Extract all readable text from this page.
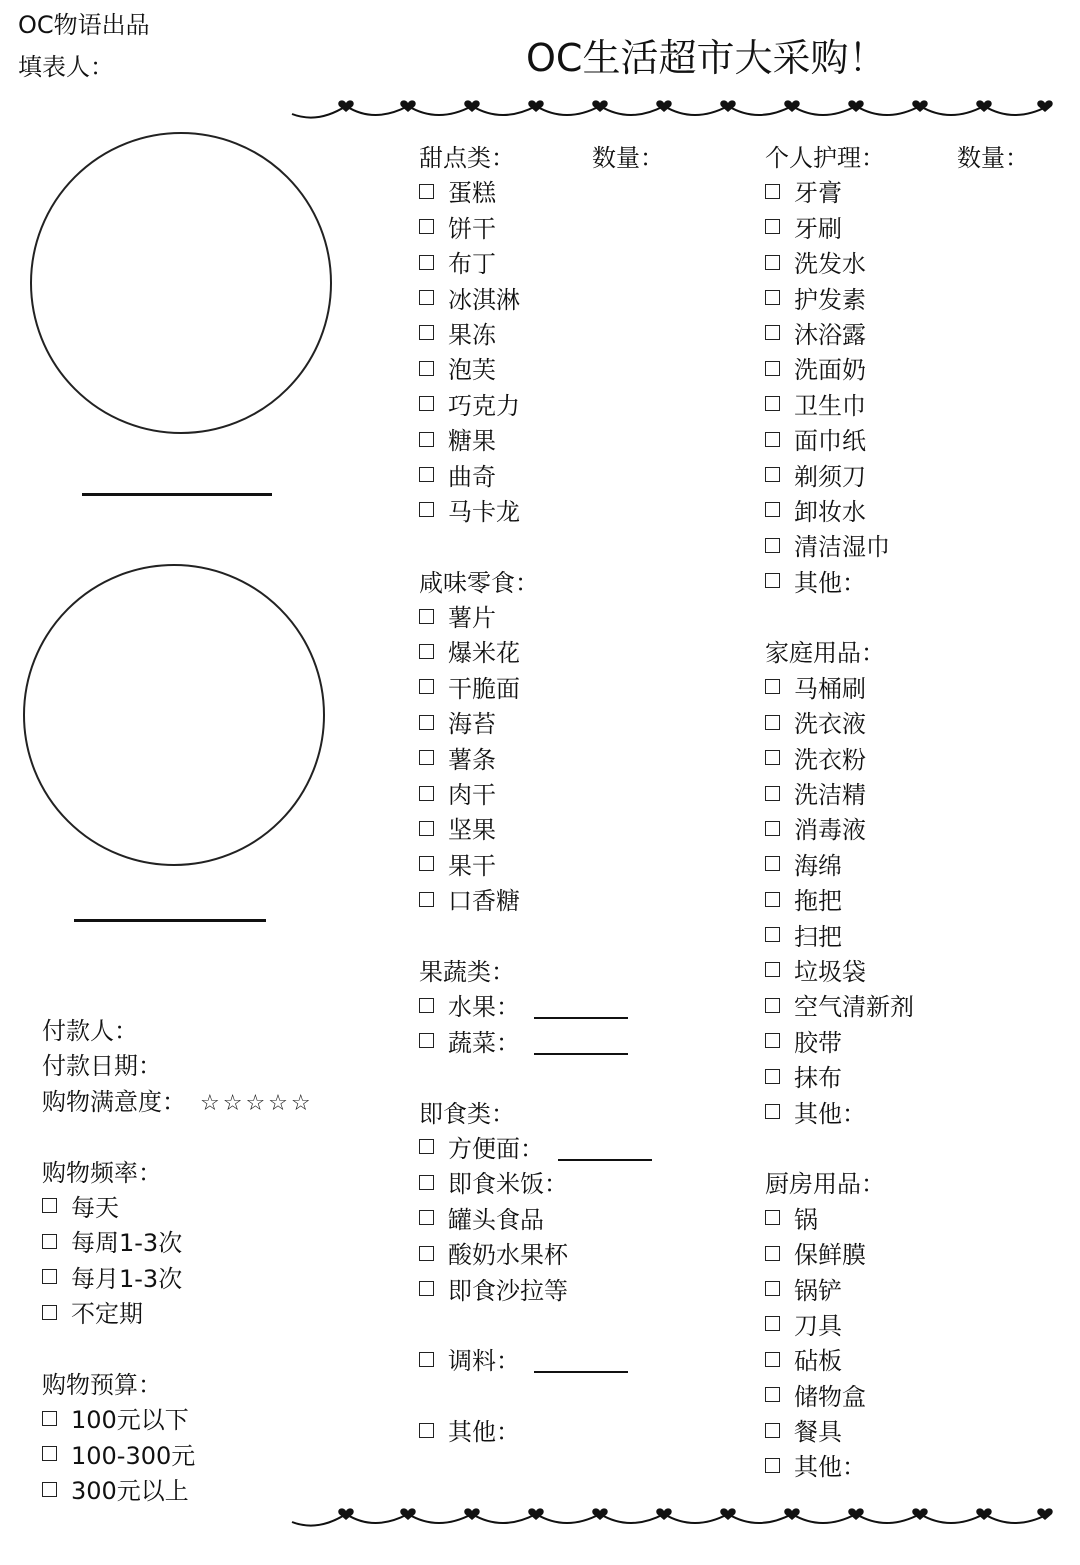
OC物语出品
填表人：	OC生活超市大采购！
付款人：
付款日期：
购物满意度： ☆☆☆☆☆
购物频率：
每天
每周1-3次
每月1-3次
不定期
购物预算：
100元以下
100-300元
300元以上
甜点类：	数量：
蛋糕
饼干
布丁
冰淇淋
果冻
泡芙
巧克力
糖果
曲奇
马卡龙
咸味零食：
薯片
爆米花
干脆面
海苔
薯条
肉干
坚果
果干
口香糖
果蔬类：
水果：
蔬菜：
即食类：
方便面：
即食米饭：
罐头食品
酸奶水果杯
即食沙拉等
调料：
其他：
个人护理：	数量：
牙膏
牙刷
洗发水
护发素
沐浴露
洗面奶
卫生巾
面巾纸
剃须刀
卸妆水
清洁湿巾
其他：
家庭用品：
马桶刷
洗衣液
洗衣粉
洗洁精
消毒液
海绵
拖把
扫把
垃圾袋
空气清新剂
胶带
抹布
其他：
厨房用品：
锅
保鲜膜
锅铲
刀具
砧板
储物盒
餐具
其他：
